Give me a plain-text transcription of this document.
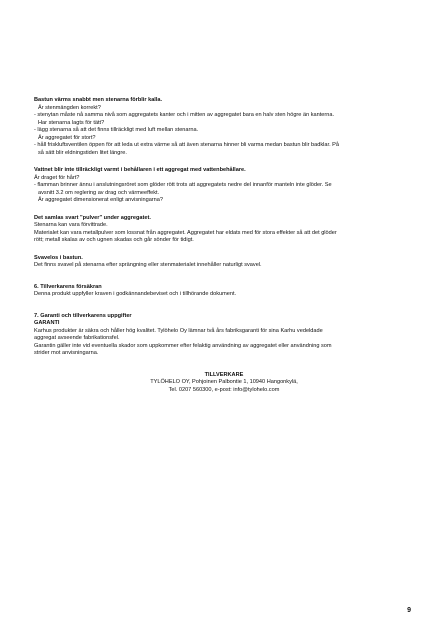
Bastun värms snabbt men stenarna förblir kalla.
Är stenmängden korrekt?
- stenytan måste nå samma nivå som aggregatets kanter och i mitten av aggregatet bara en halv sten högre än kanterna.
Har stenarna lagts för tätt?
- lägg stenarna så att det finns tillräckligt med luft mellan stenarna.
Är aggregatet för stort?
- håll friskluftsventilen öppen för att leda ut extra värme så att även stenarna hinner bli varma medan bastun blir badklar. På
så sätt blir eldningstiden litet längre.
Vattnet blir inte tillräckligt varmt i behållaren i ett aggregat med vattenbehållare.
Är draget för hårt?
- flamman brinner ännu i anslutningsröret som glöder rött trots att aggregatets nedre del innanför manteln inte glöder. Se
avsnitt 3.2 om reglering av drag och värmeeffekt.
Är aggregatet dimensionerat enligt anvisningarna?
Det samlas svart "pulver" under aggregatet.
Stenarna kan vara förvittrade.
Materialet kan vara metallpulver som lossnat från aggregatet. Aggregatet har eldats med för stora effekter så att det glöder
rött; metall skalas av och ugnen skadas och går sönder för tidigt.
Svavelos i bastun.
Det finns svavel på stenarna efter sprängning eller stenmaterialet innehåller naturligt svavel.
6. Tillverkarens försäkran
Denna produkt uppfyller kraven i godkännandebeviset och i tillhörande dokument.
7. Garanti och tillverkarens uppgifter
GARANTI
Karhus produkter är säkra och håller hög kvalitet. Tylöhelo Oy lämnar två års fabriksgaranti för sina Karhu vedeldade
aggregat avseende fabrikationsfel.
Garantin gäller inte vid eventuella skador som uppkommer efter felaktig användning av aggregatet eller användning som
strider mot anvisningarna.
TILLVERKARE
TYLÖHELO OY, Pohjoinen Palbontie 1, 10940 Hangonkylä,
Tel. 0207 560300, e-post: info@tylohelo.com
9
